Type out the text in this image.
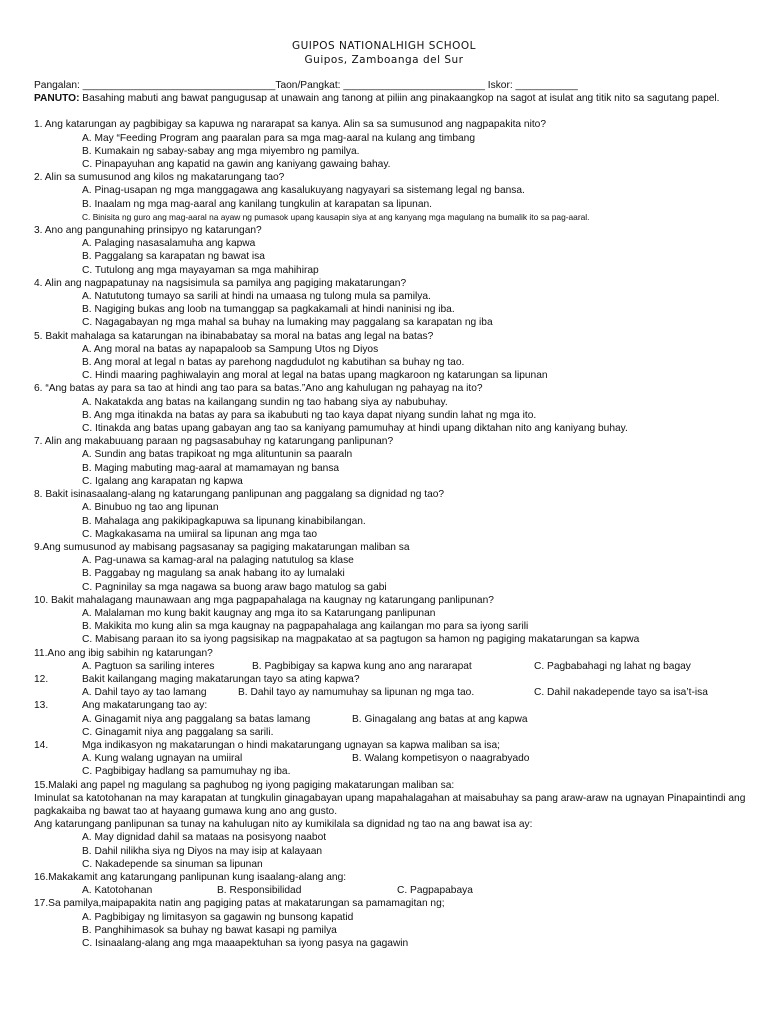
GUIPOS NATIONALHIGH SCHOOL
Guipos, Zamboanga del Sur
Pangalan: __________________________________Taon/Pangkat: _________________________ Iskor: ___________
PANUTO: Basahing mabuti ang bawat pangugusap at unawain ang tanong at piliin ang pinakaangkop na sagot at isulat ang titik nito sa sagutang papel.
1. Ang katarungan ay pagbibigay sa kapuwa ng nararapat sa kanya. Alin sa sa sumusunod ang nagpapakita nito?
A. May “Feeding Program ang paaralan para sa mga mag-aaral na kulang ang timbang
B. Kumakain ng sabay-sabay ang mga miyembro ng pamilya.
C. Pinapayuhan ang kapatid na gawin ang kaniyang gawaing bahay.
2. Alin sa sumusunod ang kilos ng makatarungang tao?
A. Pinag-usapan ng mga manggagawa ang kasalukuyang nagyayari sa sistemang legal ng bansa.
B. Inaalam ng mga mag-aaral ang kanilang tungkulin at karapatan sa lipunan.
C. Binisita ng guro ang mag-aaral na ayaw ng pumasok upang kausapin siya at ang kanyang mga magulang na bumalik ito sa pag-aaral.
3. Ano ang pangunahing prinsipyo ng katarungan?
A. Palaging nasasalamuha ang kapwa
B. Paggalang sa karapatan ng bawat isa
C. Tutulong ang mga mayayaman sa mga mahihirap
4. Alin ang nagpapatunay na nagsisimula sa pamilya ang pagiging makatarungan?
A. Natututong tumayo sa sarili at hindi na umaasa ng tulong mula sa pamilya.
B. Nagiging bukas ang loob na tumanggap sa pagkakamali at hindi naninisi ng iba.
C. Nagagabayan ng mga mahal sa buhay na lumaking may paggalang sa karapatan ng iba
5. Bakit mahalaga sa katarungan na ibinababatay sa moral na batas ang legal na batas?
A. Ang moral na batas ay napapaloob sa Sampung Utos ng Diyos
B. Ang moral at legal n batas ay parehong nagdudulot ng kabutihan sa buhay ng tao.
C. Hindi maaring paghiwalayin ang moral at legal na batas upang magkaroon ng katarungan sa lipunan
6. “Ang batas ay para sa tao at hindi ang tao para sa batas.”Ano ang kahulugan ng pahayag na ito?
A. Nakatakda ang batas na kailangang sundin ng tao habang siya ay nabubuhay.
B. Ang mga itinakda na batas ay para sa ikabubuti ng tao kaya dapat niyang sundin lahat ng mga ito.
C. Itinakda ang batas upang gabayan ang tao sa kaniyang pamumuhay at hindi upang diktahan nito ang kaniyang buhay.
7. Alin ang makabuuang paraan ng pagsasabuhay ng katarungang panlipunan?
A. Sundin ang batas trapikoat ng mga alituntunin sa paaraln
B. Maging mabuting mag-aaral at mamamayan ng bansa
C. Igalang ang karapatan ng kapwa
8. Bakit isinasaalang-alang ng katarungang panlipunan ang paggalang sa dignidad ng tao?
A. Binubuo ng tao ang lipunan
B. Mahalaga ang pakikipagkapuwa sa lipunang kinabibilangan.
C. Magkakasama na umiiral sa lipunan ang mga tao
9.Ang sumusunod ay mabisang pagsasanay sa pagiging makatarungan maliban sa
A. Pag-unawa sa kamag-aral na palaging natutulog sa klase
B. Paggabay ng magulang sa anak habang ito ay lumalaki
C. Pagninilay sa mga nagawa sa buong araw bago matulog sa gabi
10. Bakit mahalagang maunawaan ang mga pagpapahalaga na kaugnay ng katarungang panlipunan?
A. Malalaman mo kung bakit kaugnay ang mga ito sa Katarungang panlipunan
B. Makikita mo kung alin sa mga kaugnay na pagpapahalaga ang kailangan mo para sa iyong sarili
C. Mabisang paraan ito sa iyong pagsisikap na magpakatao at sa pagtugon sa hamon ng pagiging makatarungan sa kapwa
11.Ano ang ibig sabihin ng katarungan?
A. Pagtuon sa sariling interes	B. Pagbibigay sa kapwa kung ano ang nararapat	C. Pagbabahagi ng lahat ng bagay
12.	Bakit kailangang maging makatarungan tayo sa ating kapwa?
A. Dahil tayo ay tao lamang	B. Dahil tayo ay namumuhay sa lipunan ng mga tao.	C. Dahil nakadepende tayo sa isa’t-isa
13.	Ang makatarungang tao ay:
A. Ginagamit niya ang paggalang sa batas lamang	B. Ginagalang ang batas at ang kapwa
C. Ginagamit niya ang paggalang sa sarili.
14.	Mga indikasyon ng makatarungan o hindi makatarungang ugnayan sa kapwa maliban sa isa;
A. Kung walang ugnayan na umiiral	B. Walang kompetisyon o naagrabyado
C. Pagbibigay hadlang sa pamumuhay ng iba.
15.Malaki ang papel ng magulang sa paghubog ng iyong pagiging makatarungan maliban sa:
Iminulat sa katotohanan na may karapatan at tungkulin ginagabayan upang mapahalagahan at maisabuhay sa pang araw-araw na ugnayan Pinapaintindi ang pagkakaiba ng bawat tao at hayaang gumawa kung ano ang gusto.
Ang katarungang panlipunan sa tunay na kahulugan nito ay kumikilala sa dignidad ng tao na ang bawat isa ay:
A. May dignidad dahil sa mataas na posisyong naabot
B. Dahil nilikha siya ng Diyos na may isip at kalayaan
C. Nakadepende sa sinuman sa lipunan
16.Makakamit ang katarungang panlipunan kung isaalang-alang ang:
A. Katotohanan	B. Responsibilidad	C. Pagpapabaya
17.Sa pamilya,maipapakita natin ang pagiging patas at makatarungan sa pamamagitan ng;
A. Pagbibigay ng limitasyon sa gagawin ng bunsong kapatid
B. Panghihimasok sa buhay ng bawat kasapi ng pamilya
C. Isinaalang-alang ang mga maaapektuhan sa iyong pasya na gagawin
